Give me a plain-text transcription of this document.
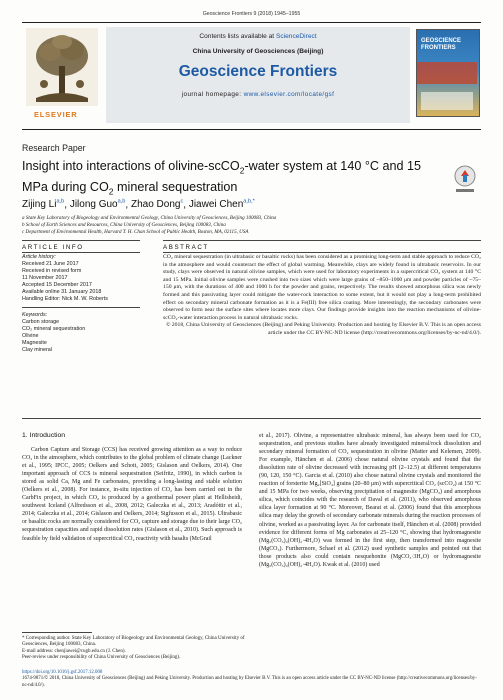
Geoscience Frontiers 9 (2018) 1945–1955
ELSEVIER
Contents lists available at ScienceDirect
China University of Geosciences (Beijing)
Geoscience Frontiers
journal homepage: www.elsevier.com/locate/gsf
GEOSCIENCE FRONTIERS
Research Paper
Insight into interactions of olivine-scCO$_2$-water system at 140 °C and 15 MPa during $CO_2$ mineral sequestration
Zijing Li$^{a,b}$, Jilong Guo$^{a,b}$, Zhao Dong$^c$, Jiawei Chen$^{a,b,*}$
a State Key Laboratory of Biogeology and Environmental Geology, China University of Geosciences, Beijing 100083, China
b School of Earth Sciences and Resources, China University of Geosciences, Beijing 100083, China
c Department of Environmental Health, Harvard T. H. Chan School of Public Health, Boston, MA, 02115, USA
ARTICLE INFO	ABSTRACT
Article history:
Received 21 June 2017
Received in revised form
11 November 2017
Accepted 15 December 2017
Available online 31 January 2018
Handling Editor: Nick M. W. Roberts
Keywords:
Carbon storage
CO₂ mineral sequestration
Olivine
Magnesite
Clay mineral
CO₂ mineral sequestration (in ultrabasic or basaltic rocks) has been considered as a promising long-term and stable approach to reduce CO₂ in the atmosphere and would counteract the effect of global warming. Meanwhile, clays are widely found in ultrabasic reservoirs. In our study, clays were observed in natural olivine samples, which were used for laboratory experiments in a supercritical CO₂ system at 140 °C and 15 MPa. Initial olivine samples were crushed into two sizes which were large grains of ~850–1000 μm and powder particles of ~75–150 μm, with the durations of 400 and 1000 h for the powder and grains, respectively. The results showed amorphous silica was newly formed and this passivating layer could mitigate the water-rock interaction to some extent, but it would not play a long-term prohibited effect on secondary mineral carbonate formation as it is a Fe(III) free silica coating. More interestingly, the secondary carbonates were observed to form near the surface sites where locates more clays. Our findings provide insights into the reaction mechanisms of olivine-scCO₂-water interaction process in natural ultrabasic rocks.
© 2018, China University of Geosciences (Beijing) and Peking University. Production and hosting by Elsevier B.V. This is an open access article under the CC BY-NC-ND license (http://creativecommons.org/licenses/by-nc-nd/4.0/).
1. Introduction

Carbon Capture and Storage (CCS) has received growing attention as a way to reduce CO₂ in the atmosphere, which contributes to the global problem of climate change (Lackner et al., 1995; IPCC, 2005; Oelkers and Schott, 2005; Gislason and Oelkers, 2014). One important approach of CCS is mineral sequestration (Seifritz, 1990), in which carbon is stored as solid Ca, Mg and Fe carbonates, providing a long-lasting and stable solution (Oelkers et al., 2008). For instance, in-situ injection of CO₂ has been carried out in the CarbFix project, in which CO₂ is produced by a geothermal power plant at Hellisheidi, southwest Iceland (Alfredsson et al., 2008, 2012; Galeczka et al., 2013; Aradóttir et al., 2014; Galeczka et al., 2014; Gislason and Oelkers, 2014; Sigfusson et al., 2015). Ultrabasic or basaltic rocks are normally considered for CO₂ capture and storage due to their large CO₂ sequestration capacities and rapid dissolution rates (Gislason et al., 2010). Such approach is feasible by field validation of supercritical CO₂ reactivity with basalts (McGrail

et al., 2017). Olivine, a representative ultrabasic mineral, has always been used for CO₂ sequestration, and previous studies have already investigated mineral/rock dissolution and secondary mineral formation of CO₂ sequestration in olivine (Matter and Kelemen, 2009). For example, Hänchen et al. (2006) chose natural olivine crystals and found that the dissolution rate of olivine decreased with increasing pH (2–12.5) at different temperatures (90, 120, 150 °C). Garcia et al. (2010) also chose natural olivine crystals and monitored the reaction of forsterite Mg₂[SiO₄] grains (20–80 μm) with supercritical CO₂ (scCO₂) at 150 °C and 15 MPa for two weeks, observing precipitation of magnesite (MgCO₃) and amorphous silica, which coincides with the research of Daval et al. (2011), who observed amorphous silica layer formation at 90 °C. Moreover, Bearat et al. (2006) found that this amorphous silica may delay the growth of secondary carbonate minerals during the reaction processes of olivine, worked as a passivating layer. As for carbonate itself, Hänchen et al. (2008) provided evidence for different forms of Mg carbonates at 25–120 °C, showing that hydromagnesite (Mg₅(CO₃)₄(OH)₂·4H₂O) was formed in the first step, then transformed into magnesite (MgCO₃). Furthermore, Schaef et al. (2012) used synthetic samples and pointed out that those products also could contain nesquehonite (MgCO₃·3H₂O) or hydromagnesite (Mg₅(CO₃)₄(OH)₂·4H₂O). Kwak et al. (2010) used

* Corresponding author. State Key Laboratory of Biogeology and Environmental Geology, China University of Geosciences, Beijing 100083, China.
E-mail address: chenjiawei@cugb.edu.cn (J. Chen).
Peer-review under responsibility of China University of Geosciences (Beijing).
https://doi.org/10.1016/j.gsf.2017.12.008
1674-9871/© 2018, China University of Geosciences (Beijing) and Peking University. Production and hosting by Elsevier B.V. This is an open access article under the CC BY-NC-ND license (http://creativecommons.org/licenses/by-nc-nd/4.0/).
